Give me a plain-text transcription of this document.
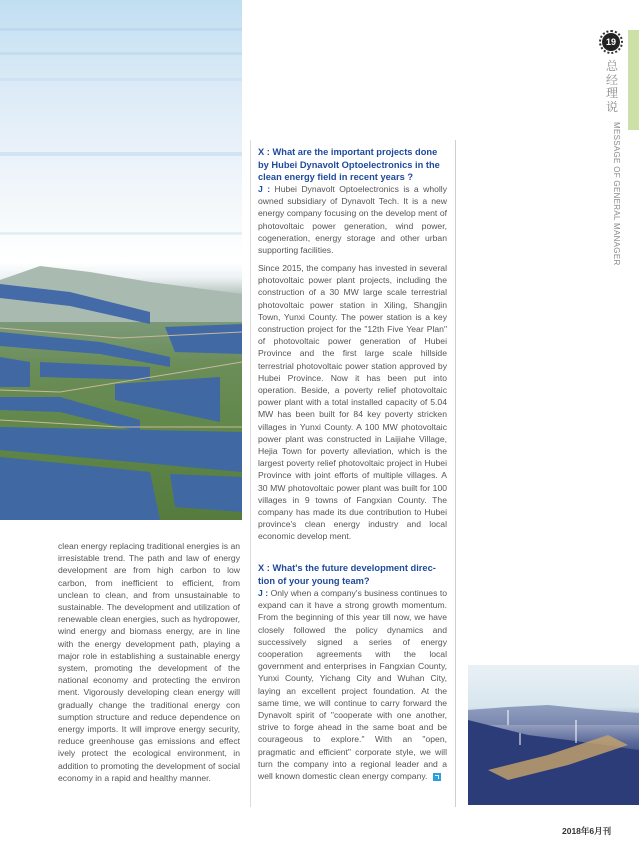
X : What are the important projects done by Hubei Dynavolt Optoelectronics in the clean energy field in recent years ?
J : Hubei Dynavolt Optoelectronics is a wholly owned subsidiary of Dynavolt Tech. It is a new energy company focusing on the develop ment of photovoltaic power generation, wind power, cogeneration, energy storage and other urban supporting facilities.
Since 2015, the company has invested in several photovoltaic power plant projects, including the construction of a 30 MW large scale terrestrial photovoltaic power station in Xiling, Shangjin Town, Yunxi County. The power station is a key construction project for the "12th Five Year Plan" of photovoltaic power generation of Hubei Province and the first large scale hillside terrestrial photovoltaic power station approved by Hubei Province. Now it has been put into operation. Beside, a poverty relief photovoltaic power plant with a total installed capacity of 5.04 MW has been built for 84 key poverty stricken villages in Yunxi County. A 100 MW photovoltaic power plant was constructed in Laijiahe Village, Hejia Town for poverty alleviation, which is the largest poverty relief photovoltaic project in Hubei Province with joint efforts of multiple villages. A 30 MW photovoltaic power plant was built for 100 villages in 9 towns of Fangxian County. The company has made its due contribution to Hubei province's clean energy industry and local economic develop ment.
X : What's the future development direc- tion of your young team?
J : Only when a company's business continues to expand can it have a strong growth momentum. From the beginning of this year till now, we have closely followed the policy dynamics and successively signed a series of energy cooperation agreements with the local government and enterprises in Fangxian County, Yunxi County, Yichang City and Wuhan City, laying an excellent project foundation. At the same time, we will continue to carry forward the Dynavolt spirit of "cooperate with one another, strive to forge ahead in the same boat and be courageous to explore." With an "open, pragmatic and efficient" corporate style, we will turn the company into a regional leader and a well known domestic clean energy company.
clean energy replacing traditional energies is an irresistable trend. The path and law of energy development are from high carbon to low carbon, from inefficient to efficient, from unclean to clean, and from unsustainable to sustainable. The development and utilization of renewable clean energies, such as hydropower, wind energy and biomass energy, are in line with the energy development path, playing a major role in establishing a sustainable energy system, promoting the development of the national economy and protecting the environ ment. Vigorously developing clean energy will gradually change the traditional energy con sumption structure and reduce dependence on energy imports. It will improve energy security, reduce greenhouse gas emissions and effect ively protect the ecological environment, in addition to promoting the development of social economy in a rapid and healthy manner.
19
总经理说
MESSAGE OF GENERAL MANAGER
2018年6月刊
